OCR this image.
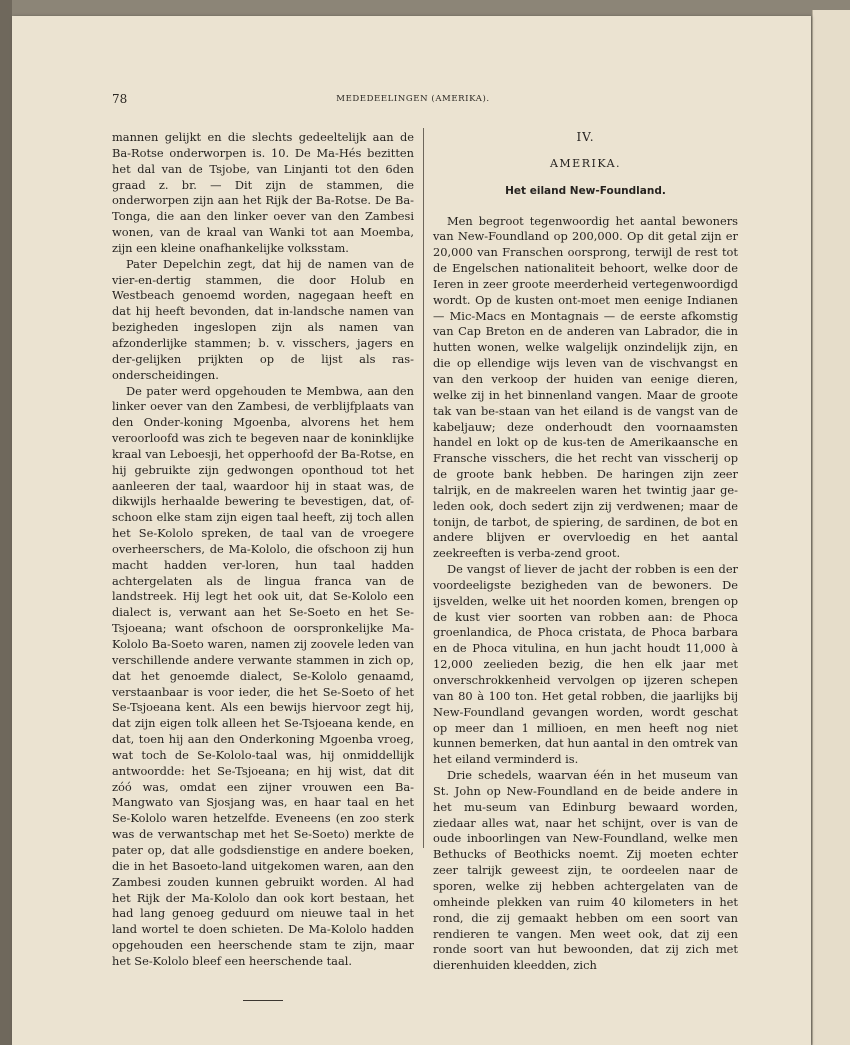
78	MEDEDEELINGEN (AMERIKA).

mannen gelijkt en die slechts gedeeltelijk aan de Ba-Rotse onderworpen is. 10. De Ma-Hés bezitten het dal van de Tsjobe, van Linjanti tot den 6den graad z. br. — Dit zijn de stammen, die onderworpen zijn aan het Rijk der Ba-Rotse. De Ba-Tonga, die aan den linker oever van den Zambesi wonen, van de kraal van Wanki tot aan Moemba, zijn een kleine onafhankelijke volksstam.

Pater Depelchin zegt, dat hij de namen van de vier-en-dertig stammen, die door Holub en Westbeach genoemd worden, nagegaan heeft en dat hij heeft bevonden, dat in-landsche namen van bezigheden ingeslopen zijn als namen van afzonderlijke stammen; b. v. visschers, jagers en der-gelijken prijkten op de lijst als ras-onderscheidingen.

De pater werd opgehouden te Membwa, aan den linker oever van den Zambesi, de verblijfplaats van den Onder-koning Mgoenba, alvorens het hem veroorloofd was zich te begeven naar de koninklijke kraal van Leboesji, het opperhoofd der Ba-Rotse, en hij gebruikte zijn gedwongen oponthoud tot het aanleeren der taal, waardoor hij in staat was, de dikwijls herhaalde bewering te bevestigen, dat, of-schoon elke stam zijn eigen taal heeft, zij toch allen het Se-Kololo spreken, de taal van de vroegere overheerschers, de Ma-Kololo, die ofschoon zij hun macht hadden ver-loren, hun taal hadden achtergelaten als de lingua franca van de landstreek. Hij legt het ook uit, dat Se-Kololo een dialect is, verwant aan het Se-Soeto en het Se-Tsjoeana; want ofschoon de oorspronkelijke Ma-Kololo Ba-Soeto waren, namen zij zoovele leden van verschillende andere verwante stammen in zich op, dat het genoemde dialect, Se-Kololo genaamd, verstaanbaar is voor ieder, die het Se-Soeto of het Se-Tsjoeana kent. Als een bewijs hiervoor zegt hij, dat zijn eigen tolk alleen het Se-Tsjoeana kende, en dat, toen hij aan den Onderkoning Mgoenba vroeg, wat toch de Se-Kololo-taal was, hij onmiddellijk antwoordde: het Se-Tsjoeana; en hij wist, dat dit zóó was, omdat een zijner vrouwen een Ba-Mangwato van Sjosjang was, en haar taal en het Se-Kololo waren hetzelfde. Eveneens (en zoo sterk was de verwantschap met het Se-Soeto) merkte de pater op, dat alle godsdienstige en andere boeken, die in het Basoeto-land uitgekomen waren, aan den Zambesi zouden kunnen gebruikt worden. Al had het Rijk der Ma-Kololo dan ook kort bestaan, het had lang genoeg geduurd om nieuwe taal in het land wortel te doen schieten. De Ma-Kololo hadden opgehouden een heerschende stam te zijn, maar het Se-Kololo bleef een heerschende taal.

IV.
AMERIKA.
Het eiland New-Foundland.

Men begroot tegenwoordig het aantal bewoners van New-Foundland op 200,000. Op dit getal zijn er 20,000 van Franschen oorsprong, terwijl de rest tot de Engelschen nationaliteit behoort, welke door de Ieren in zeer groote meerderheid vertegenwoordigd wordt. Op de kusten ont-moet men eenige Indianen — Mic-Macs en Montagnais — de eerste afkomstig van Cap Breton en de anderen van Labrador, die in hutten wonen, welke walgelijk onzindelijk zijn, en die op ellendige wijs leven van de vischvangst en van den verkoop der huiden van eenige dieren, welke zij in het binnenland vangen. Maar de groote tak van be-staan van het eiland is de vangst van de kabeljauw; deze onderhoudt den voornaamsten handel en lokt op de kus-ten de Amerikaansche en Fransche visschers, die het recht van visscherij op de groote bank hebben. De haringen zijn zeer talrijk, en de makreelen waren het twintig jaar ge-leden ook, doch sedert zijn zij verdwenen; maar de tonijn, de tarbot, de spiering, de sardinen, de bot en andere blijven er overvloedig en het aantal zeekreeften is verba-zend groot.

De vangst of liever de jacht der robben is een der voordeeligste bezigheden van de bewoners. De ijsvelden, welke uit het noorden komen, brengen op de kust vier soorten van robben aan: de Phoca groenlandica, de Phoca cristata, de Phoca barbara en de Phoca vitulina, en hun jacht houdt 11,000 à 12,000 zeelieden bezig, die hen elk jaar met onverschrokkenheid vervolgen op ijzeren schepen van 80 à 100 ton. Het getal robben, die jaarlijks bij New-Foundland gevangen worden, wordt geschat op meer dan 1 millioen, en men heeft nog niet kunnen bemerken, dat hun aantal in den omtrek van het eiland verminderd is.

Drie schedels, waarvan één in het museum van St. John op New-Foundland en de beide andere in het mu-seum van Edinburg bewaard worden, ziedaar alles wat, naar het schijnt, over is van de oude inboorlingen van New-Foundland, welke men Bethucks of Beothicks noemt. Zij moeten echter zeer talrijk geweest zijn, te oordeelen naar de sporen, welke zij hebben achtergelaten van de omheinde plekken van ruim 40 kilometers in het rond, die zij gemaakt hebben om een soort van rendieren te vangen. Men weet ook, dat zij een ronde soort van hut bewoonden, dat zij zich met dierenhuiden kleedden, zich
